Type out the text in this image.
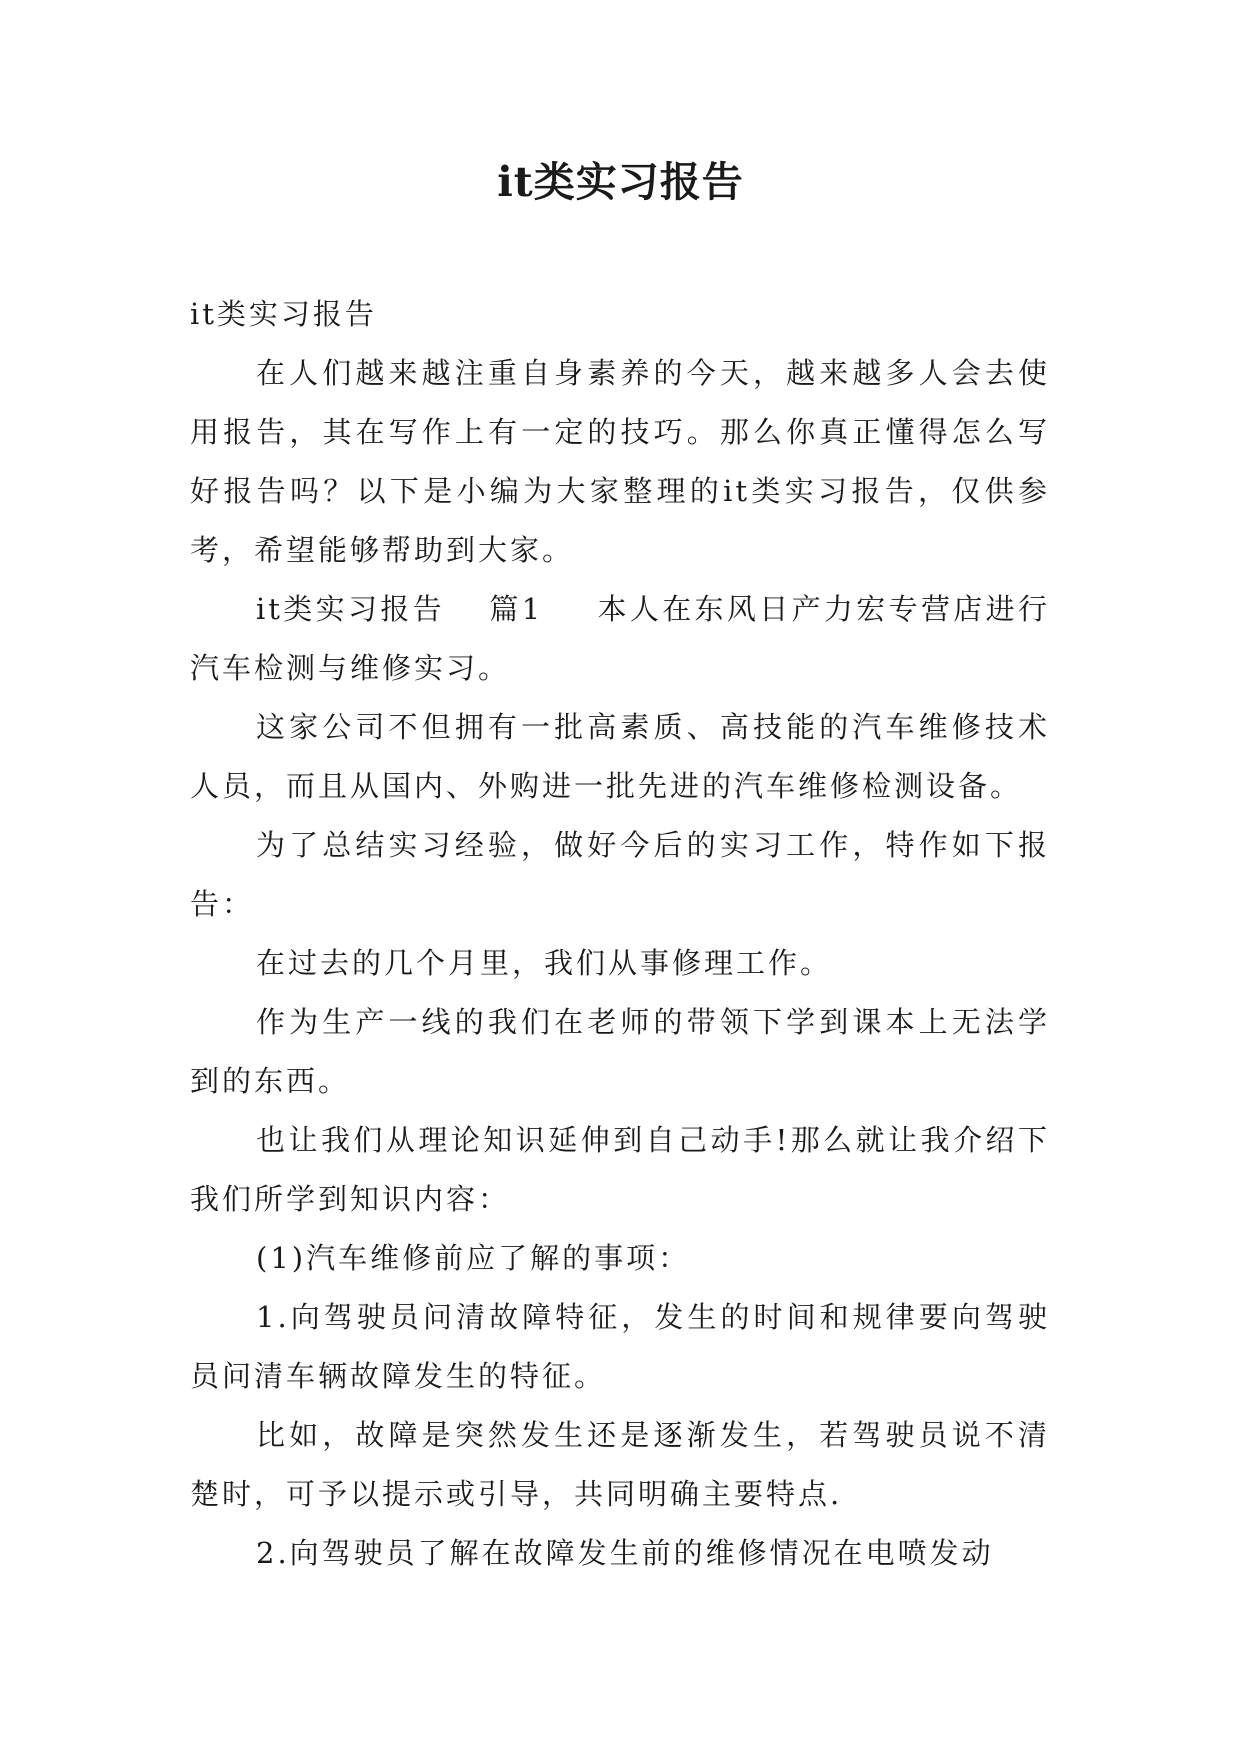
it类实习报告

it类实习报告

在人们越来越注重自身素养的今天，越来越多人会去使用报告，其在写作上有一定的技巧。那么你真正懂得怎么写好报告吗？以下是小编为大家整理的it类实习报告，仅供参考，希望能够帮助到大家。

it类实习报告 篇1 本人在东风日产力宏专营店进行汽车检测与维修实习。

这家公司不但拥有一批高素质、高技能的汽车维修技术人员，而且从国内、外购进一批先进的汽车维修检测设备。

为了总结实习经验，做好今后的实习工作，特作如下报告：

在过去的几个月里，我们从事修理工作。

作为生产一线的我们在老师的带领下学到课本上无法学到的东西。

也让我们从理论知识延伸到自己动手!那么就让我介绍下我们所学到知识内容：

(1)汽车维修前应了解的事项：

1.向驾驶员问清故障特征，发生的时间和规律要向驾驶员问清车辆故障发生的特征。

比如，故障是突然发生还是逐渐发生，若驾驶员说不清楚时，可予以提示或引导，共同明确主要特点.

2.向驾驶员了解在故障发生前的维修情况在电喷发动
